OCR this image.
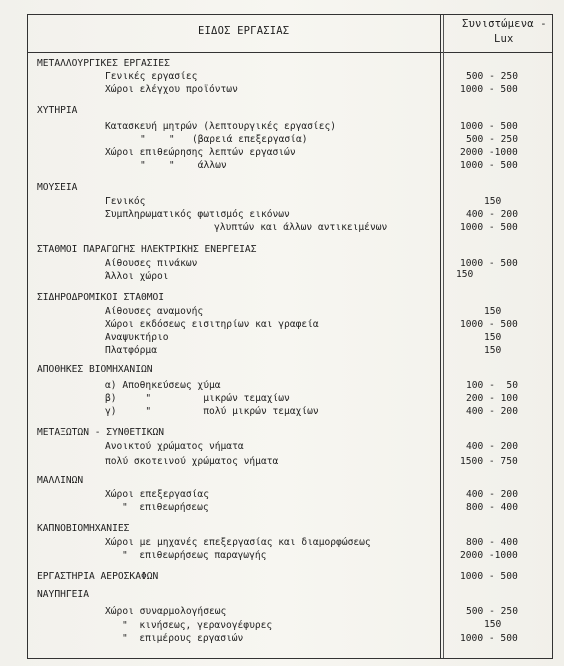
ΕΙΔΟΣ ΕΡΓΑΣΙΑΣ
Συνιστώμενα -
Lux
ΜΕΤΑΛΛΟΥΡΓΙΚΕΣ ΕΡΓΑΣΙΕΣ
Γενικές εργασίες	500 - 250
Χώροι ελέγχου προϊόντων	1000 - 500
ΧΥΤΗΡΙΑ
Κατασκευή μητρών (λεπτουργικές εργασίες)	1000 - 500
"    "   (βαρειά επεξεργασία)	500 - 250
Χώροι επιθεώρησης λεπτών εργασιών	2000 -1000
"    "    άλλων	1000 - 500
ΜΟΥΣΕΙΑ
Γενικός	150
Συμπληρωματικός φωτισμός εικόνων	400 - 200
γλυπτών και άλλων αντικειμένων	1000 - 500
ΣΤΑΘΜΟΙ ΠΑΡΑΓΩΓΗΣ ΗΛΕΚΤΡΙΚΗΣ ΕΝΕΡΓΕΙΑΣ
Αίθουσες πινάκων	1000 - 500
Άλλοι χώροι	150
ΣΙΔΗΡΟΔΡΟΜΙΚΟΙ ΣΤΑΘΜΟΙ
Αίθουσες αναμονής	150
Χώροι εκδόσεως εισιτηρίων και γραφεία	1000 - 500
Αναψυκτήριο	150
Πλατφόρμα	150
ΑΠΟΘΗΚΕΣ ΒΙΟΜΗΧΑΝΙΩΝ
α) Αποθηκεύσεως χύμα	100 -  50
β)     "         μικρών τεμαχίων	200 - 100
γ)     "         πολύ μικρών τεμαχίων	400 - 200
ΜΕΤΑΞΩΤΩΝ - ΣΥΝΘΕΤΙΚΩΝ
Ανοικτού χρώματος νήματα	400 - 200
πολύ σκοτεινού χρώματος νήματα	1500 - 750
ΜΑΛΛΙΝΩΝ
Χώροι επεξεργασίας	400 - 200
"  επιθεωρήσεως	800 - 400
ΚΑΠΝΟΒΙΟΜΗΧΑΝΙΕΣ
Χώροι με μηχανές επεξεργασίας και διαμορφώσεως	800 - 400
"  επιθεωρήσεως παραγωγής	2000 -1000
ΕΡΓΑΣΤΗΡΙΑ ΑΕΡΟΣΚΑΦΩΝ	1000 - 500
ΝΑΥΠΗΓΕΙΑ
Χώροι συναρμολογήσεως	500 - 250
"  κινήσεως, γερανογέφυρες	150
"  επιμέρους εργασιών	1000 - 500
